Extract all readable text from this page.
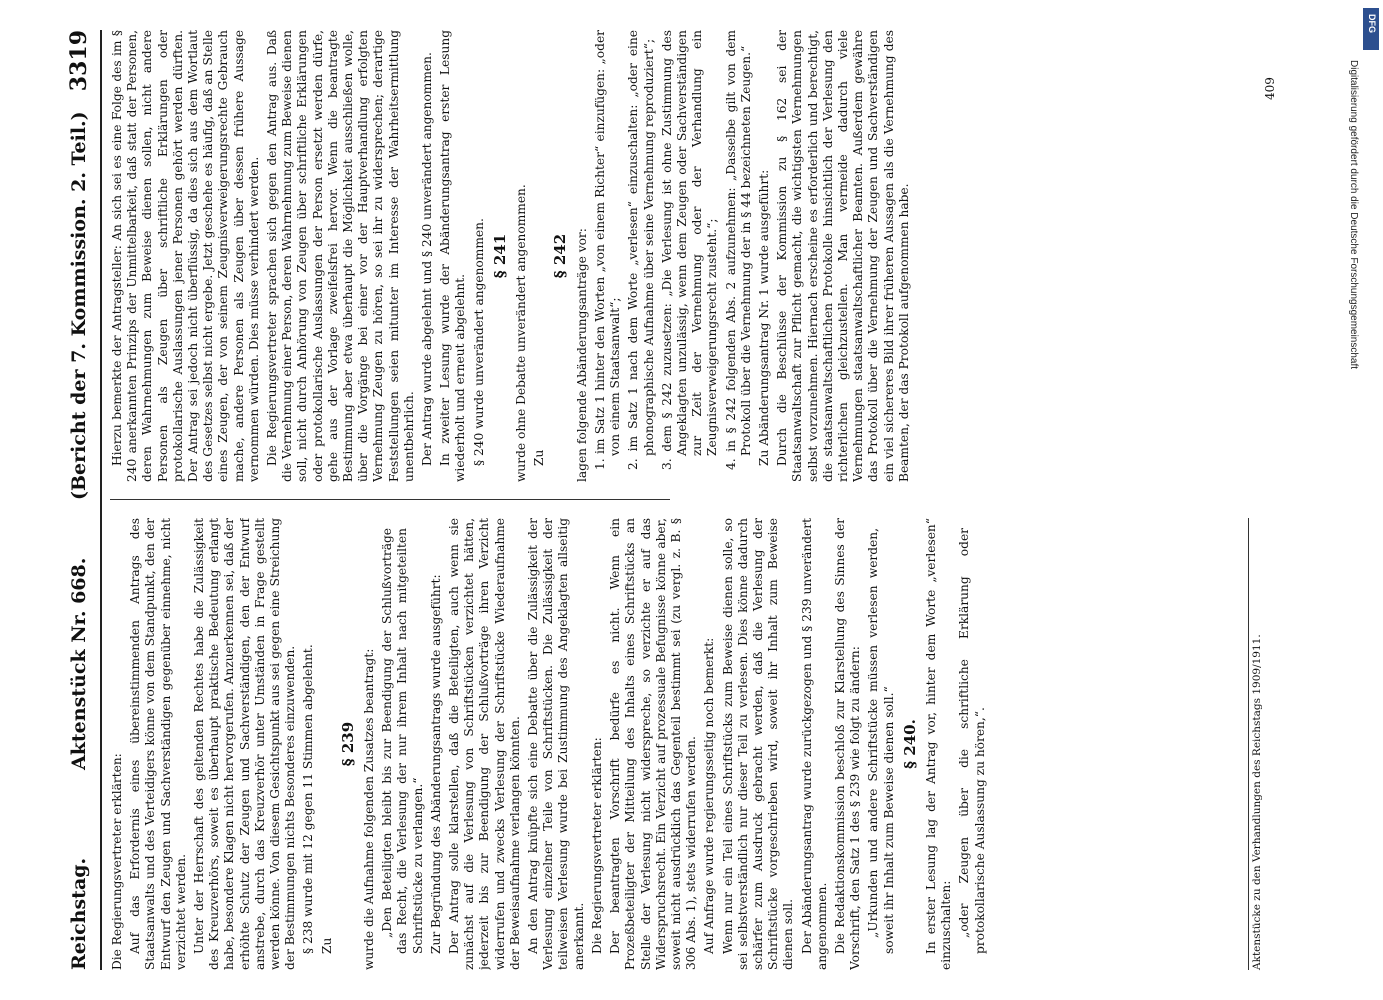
Reichstag.
Aktenstück Nr. 668.
(Bericht der 7. Kommission. 2. Teil.)
3319

Die Regierungsvertreter erklärten: Auf das Erfordernis eines übereinstimmenden Antrags des Staatsanwalts und des Verteidigers könne von dem Standpunkt, den der Entwurf den Zeugen und Sachverständigen gegenüber einnehme, nicht verzichtet werden. Unter der Herrschaft des geltenden Rechtes habe die Zulässigkeit des Kreuzverhörs, soweit es überhaupt praktische Bedeutung erlangt habe, besondere Klagen nicht hervorgerufen. Anzuerkennen sei, daß der erhöhte Schutz der Zeugen und Sachverständigen, den der Entwurf anstrebe, durch das Kreuzverhör unter Umständen in Frage gestellt werden könne. Von diesem Gesichtspunkt aus sei gegen eine Streichung der Bestimmungen nichts Besonderes einzuwenden. § 238 wurde mit 12 gegen 11 Stimmen abgelehnt. Zu

§ 239 wurde die Aufnahme folgenden Zusatzes beantragt: „Den Beteiligten bleibt bis zur Beendigung der Schlußvorträge das Recht, die Verlesung der nur ihrem Inhalt nach mitgeteilten Schriftstücke zu verlangen.“ Zur Begründung des Abänderungsantrags wurde ausgeführt: Der Antrag solle klarstellen, daß die Beteiligten, auch wenn sie zunächst auf die Verlesung von Schriftstücken verzichtet hätten, jederzeit bis zur Beendigung der Schlußvorträge ihren Verzicht widerrufen und zwecks Verlesung der Schriftstücke Wiederaufnahme der Beweisaufnahme verlangen könnten. An den Antrag knüpfte sich eine Debatte über die Zulässigkeit der Verlesung einzelner Teile von Schriftstücken. Die Zulässigkeit der teilweisen Verlesung wurde bei Zustimmung des Angeklagten allseitig anerkannt. Die Regierungsvertreter erklärten: Der beantragten Vorschrift bedürfe es nicht. Wenn ein Prozeßbeteiligter der Mitteilung des Inhalts eines Schriftstücks an Stelle der Verlesung nicht widerspreche, so verzichte er auf das Widerspruchsrecht. Ein Verzicht auf prozessuale Befugnisse könne aber, soweit nicht ausdrücklich das Gegenteil bestimmt sei (zu vergl. z. B. § 306 Abs. 1), stets widerrufen werden. Auf Anfrage wurde regierungsseitig noch bemerkt: Wenn nur ein Teil eines Schriftstücks zum Beweise dienen solle, so sei selbstverständlich nur dieser Teil zu verlesen. Dies könne dadurch schärfer zum Ausdruck gebracht werden, daß die Verlesung der Schriftstücke vorgeschrieben wird, soweit ihr Inhalt zum Beweise dienen soll. Der Abänderungsantrag wurde zurückgezogen und § 239 unverändert angenommen. Die Redaktionskommission beschloß zur Klarstellung des Sinnes der Vorschrift, den Satz 1 des § 239 wie folgt zu ändern: „Urkunden und andere Schriftstücke müssen verlesen werden, soweit ihr Inhalt zum Beweise dienen soll.“ § 240. In erster Lesung lag der Antrag vor, hinter dem Worte „verlesen“ einzuschalten: „oder Zeugen über die schriftliche Erklärung oder protokollarische Auslassung zu hören,“.

Hierzu bemerkte der Antragsteller: An sich sei es eine Folge des im § 240 anerkannten Prinzips der Unmittelbarkeit, daß statt der Personen, deren Wahrnehmungen zum Beweise dienen sollen, nicht andere Personen als Zeugen über schriftliche Erklärungen oder protokollarische Auslassungen jener Personen gehört werden dürften. Der Antrag sei jedoch nicht überflüssig, da dies sich aus dem Wortlaut des Gesetzes selbst nicht ergebe. Jetzt geschehe es häufig, daß an Stelle eines Zeugen, der von seinem Zeugnisverweigerungsrechte Gebrauch mache, andere Personen als Zeugen über dessen frühere Aussage vernommen würden. Dies müsse verhindert werden. Die Regierungsvertreter sprachen sich gegen den Antrag aus. Daß die Vernehmung einer Person, deren Wahrnehmung zum Beweise dienen soll, nicht durch Anhörung von Zeugen über schriftliche Erklärungen oder protokollarische Auslassungen der Person ersetzt werden dürfe, gehe aus der Vorlage zweifelsfrei hervor. Wenn die beantragte Bestimmung aber etwa überhaupt die Möglichkeit ausschließen wolle, über die Vorgänge bei einer vor der Hauptverhandlung erfolgten Vernehmung Zeugen zu hören, so sei ihr zu widersprechen; derartige Feststellungen seien mitunter im Interesse der Wahrheitsermittlung unentbehrlich. Der Antrag wurde abgelehnt und § 240 unverändert angenommen. In zweiter Lesung wurde der Abänderungsantrag erster Lesung wiederholt und erneut abgelehnt. § 240 wurde unverändert angenommen. § 241 wurde ohne Debatte unverändert angenommen. Zu

§ 242 lagen folgende Abänderungsanträge vor: 1. im Satz 1 hinter den Worten „von einem Richter“ einzufügen: „oder von einem Staatsanwalt“; 2. im Satz 1 nach dem Worte „verlesen“ einzuschalten: „oder eine phonographische Aufnahme über seine Vernehmung reproduziert“; 3. dem § 242 zuzusetzen: „Die Verlesung ist ohne Zustimmung des Angeklagten unzulässig, wenn dem Zeugen oder Sachverständigen zur Zeit der Vernehmung oder der Verhandlung ein Zeugnisverweigerungsrecht zusteht.“; 4. in § 242 folgenden Abs. 2 aufzunehmen: „Dasselbe gilt von dem Protokoll über die Vernehmung der in § 44 bezeichneten Zeugen.“ Zu Abänderungsantrag Nr. 1 wurde ausgeführt: Durch die Beschlüsse der Kommission zu § 162 sei der Staatsanwaltschaft zur Pflicht gemacht, die wichtigsten Vernehmungen selbst vorzunehmen. Hiernach erscheine es erforderlich und berechtigt, die staatsanwaltschaftlichen Protokolle hinsichtlich der Verlesung den richterlichen gleichzustellen. Man vermeide dadurch viele Vernehmungen staatsanwaltschaftlicher Beamten. Außerdem gewähre das Protokoll über die Vernehmung der Zeugen und Sachverständigen ein viel sichereres Bild ihrer früheren Aussagen als die Vernehmung des Beamten, der das Protokoll aufgenommen habe.

Aktenstücke zu den Verhandlungen des Reichstags 1909/1911.
409	Digitalisierung gefördert durch die Deutsche Forschungsgemeinschaft
DFG
